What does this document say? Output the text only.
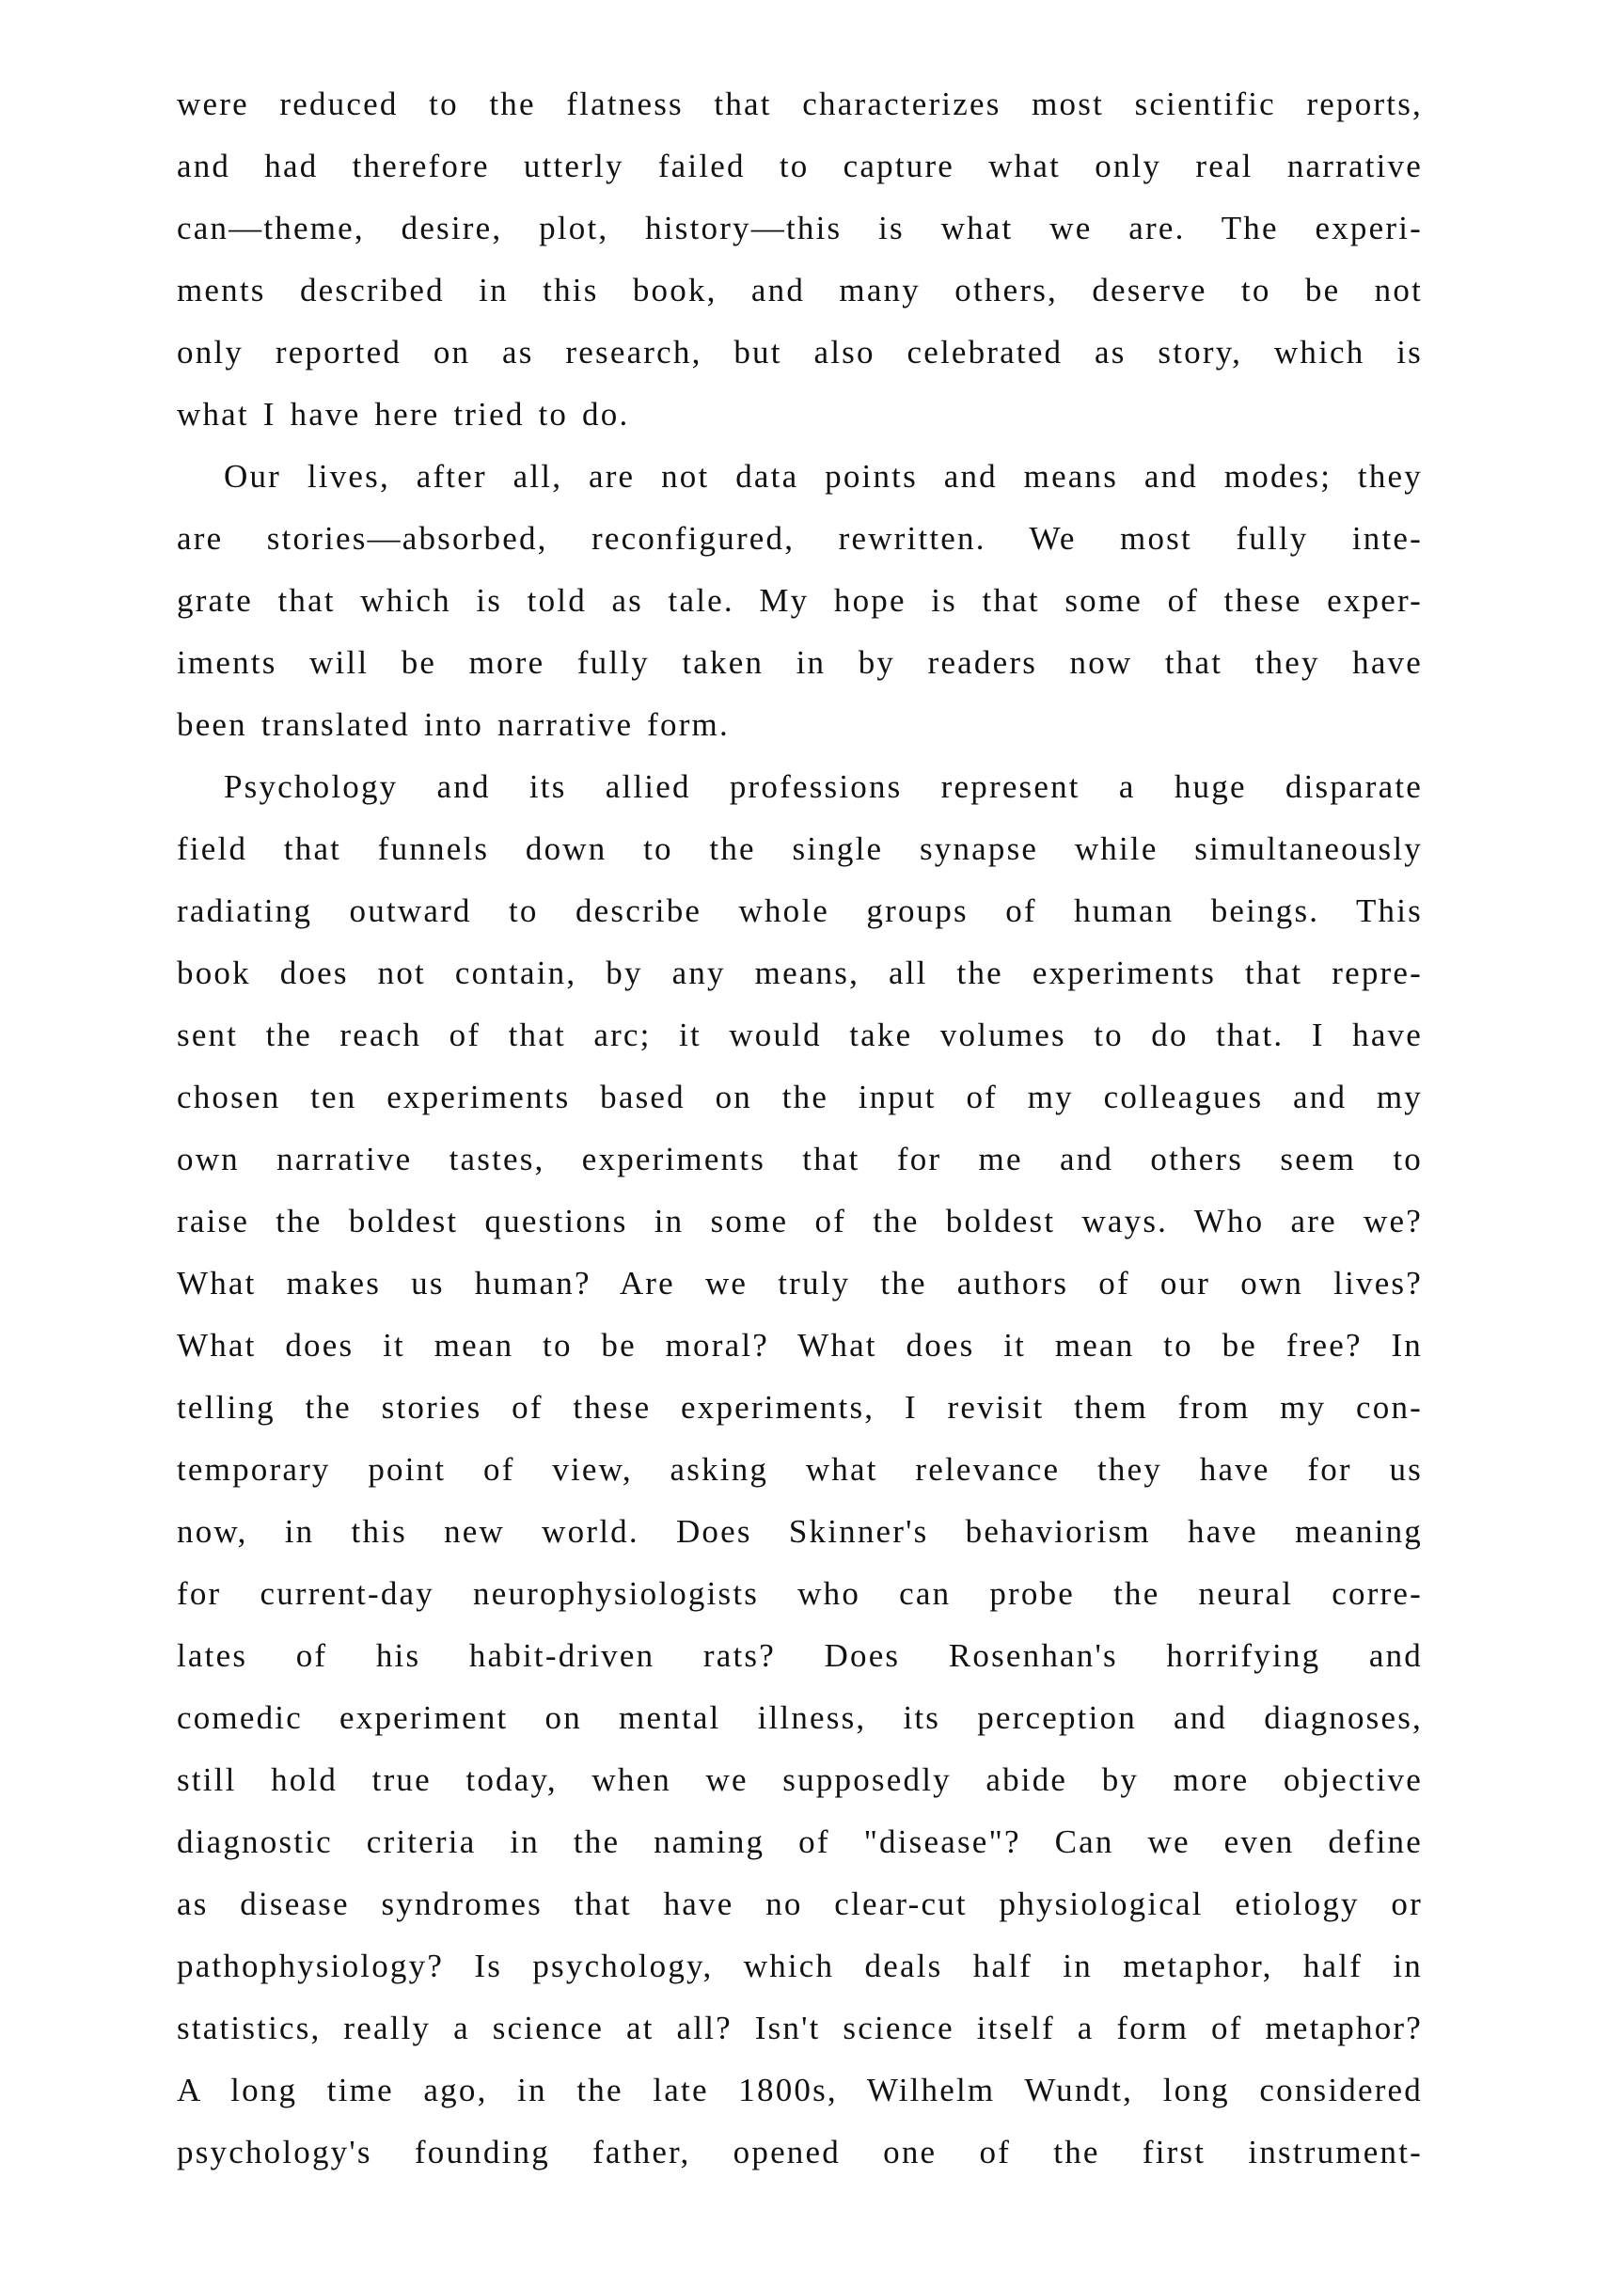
were reduced to the flatness that characterizes most scientific reports,
and had therefore utterly failed to capture what only real narrative
can—theme, desire, plot, history—this is what we are. The experi-
ments described in this book, and many others, deserve to be not
only reported on as research, but also celebrated as story, which is
what I have here tried to do.
Our lives, after all, are not data points and means and modes; they
are stories—absorbed, reconfigured, rewritten. We most fully inte-
grate that which is told as tale. My hope is that some of these exper-
iments will be more fully taken in by readers now that they have
been translated into narrative form.
Psychology and its allied professions represent a huge disparate
field that funnels down to the single synapse while simultaneously
radiating outward to describe whole groups of human beings. This
book does not contain, by any means, all the experiments that repre-
sent the reach of that arc; it would take volumes to do that. I have
chosen ten experiments based on the input of my colleagues and my
own narrative tastes, experiments that for me and others seem to
raise the boldest questions in some of the boldest ways. Who are we?
What makes us human? Are we truly the authors of our own lives?
What does it mean to be moral? What does it mean to be free? In
telling the stories of these experiments, I revisit them from my con-
temporary point of view, asking what relevance they have for us
now, in this new world. Does Skinner's behaviorism have meaning
for current-day neurophysiologists who can probe the neural corre-
lates of his habit-driven rats? Does Rosenhan's horrifying and
comedic experiment on mental illness, its perception and diagnoses,
still hold true today, when we supposedly abide by more objective
diagnostic criteria in the naming of "disease"? Can we even define
as disease syndromes that have no clear-cut physiological etiology or
pathophysiology? Is psychology, which deals half in metaphor, half in
statistics, really a science at all? Isn't science itself a form of metaphor?
A long time ago, in the late 1800s, Wilhelm Wundt, long considered
psychology's founding father, opened one of the first instrument-
